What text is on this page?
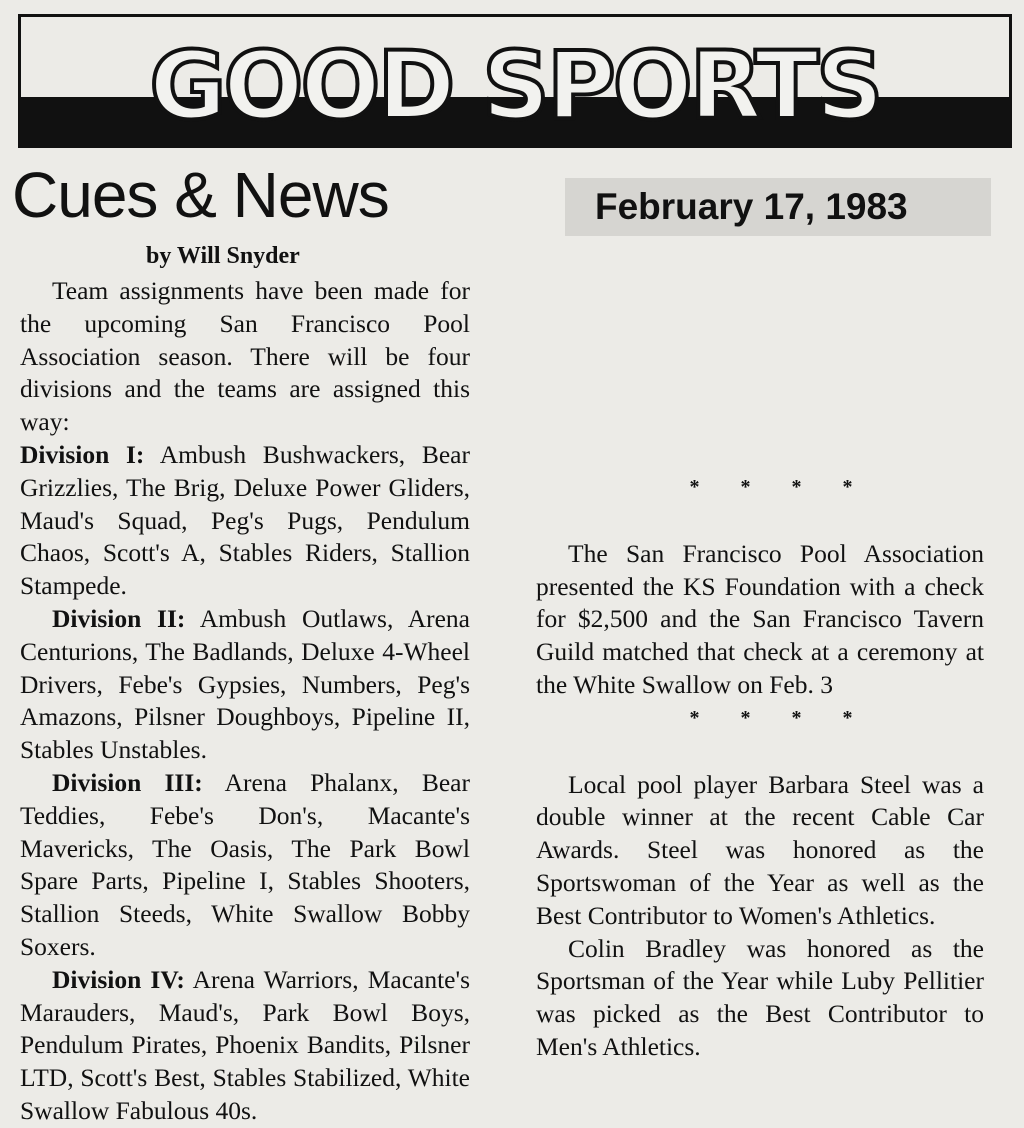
GOOD SPORTS
Cues & News	February 17, 1983
by Will Snyder

Team assignments have been made for the upcoming San Francisco Pool Association season. There will be four divisions and the teams are assigned this way:

Division I: Ambush Bushwackers, Bear Grizzlies, The Brig, Deluxe Power Gliders, Maud's Squad, Peg's Pugs, Pendulum Chaos, Scott's A, Stables Riders, Stallion Stampede.

Division II: Ambush Outlaws, Arena Centurions, The Badlands, Deluxe 4-Wheel Drivers, Febe's Gypsies, Numbers, Peg's Amazons, Pilsner Doughboys, Pipeline II, Stables Unstables.

Division III: Arena Phalanx, Bear Teddies, Febe's Don's, Macante's Mavericks, The Oasis, The Park Bowl Spare Parts, Pipeline I, Stables Shooters, Stallion Steeds, White Swallow Bobby Soxers.

Division IV: Arena Warriors, Macante's Marauders, Maud's, Park Bowl Boys, Pendulum Pirates, Phoenix Bandits, Pilsner LTD, Scott's Best, Stables Stabilized, White Swallow Fabulous 40s.

* * * *

The San Francisco Pool Association presented the KS Foundation with a check for $2,500 and the San Francisco Tavern Guild matched that check at a ceremony at the White Swallow on Feb. 3

* * * *

Local pool player Barbara Steel was a double winner at the recent Cable Car Awards. Steel was honored as the Sportswoman of the Year as well as the Best Contributor to Women's Athletics.

Colin Bradley was honored as the Sportsman of the Year while Luby Pellitier was picked as the Best Contributor to Men's Athletics.
